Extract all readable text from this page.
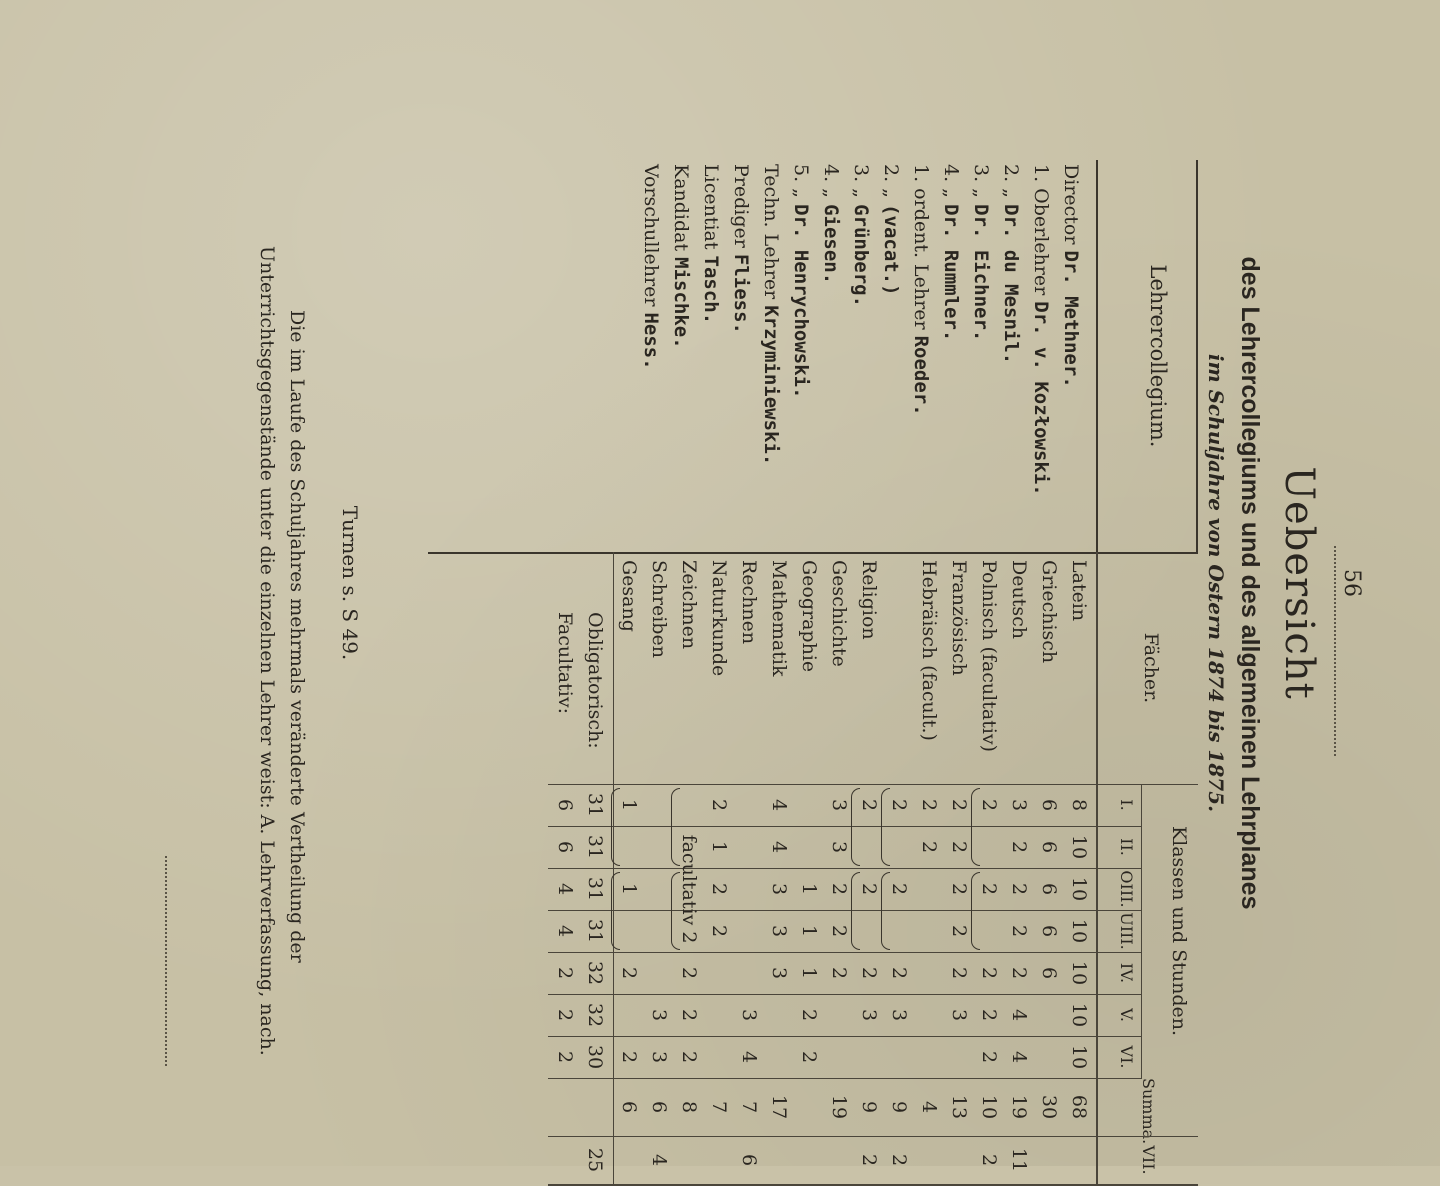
56
Uebersicht
des Lehrercollegiums und des allgemeinen Lehrplanes
im Schuljahre von Ostern 1874 bis 1875.
Lehrercollegium.
Director Dr. Methner.
1. Oberlehrer Dr. v. Kozłowski.
2. „ Dr. du Mesnil.
3. „ Dr. Eichner.
4. „ Dr. Rummler.
1. ordent. Lehrer Roeder.
2. „ (vacat.)
3. „ Grünberg.
4. „ Giesen.
5. „ Dr. Henrychowski.
Techn. Lehrer Krzyminiewski.
Prediger Fliess.
Licentiat Tasch.
Kandidat Mischke.
Vorschullehrer Hess.
Fächer.
Klassen und Stunden.
I.
II.
OIII.
UIII.
IV.
V.
VI.
Summa.
VII.
Latein
8
10
10
10
10
10
10
68
Griechisch
6
6
6
6
6
30
Deutsch
3
2
2
2
2
4
4
19
11
Polnisch (facultativ)
2
2
2
2
2
10
2
Französisch
2
2
2
2
2
3
13
Hebräisch (facult.)
2
2
4
2
2
2
3
9
2
Religion
2
2
2
3
9
2
Geschichte
3
3
2
2
2
19
Geographie
1
1
1
2
2
Mathematik
4
4
3
3
3
17
Rechnen
3
4
7
6
Naturkunde
2
1
2
2
7
Zeichnen
facultativ 2
2
2
2
8
Schreiben
3
3
6
4
Gesang
1
1
2
2
6
Obligatorisch:
31
31
31
31
32
32
30
25
Facultativ:
6
6
4
4
2
2
2
Turnen s. S 49.
Die im Laufe des Schuljahres mehrmals veränderte Vertheilung der Unterrichtsgegenstände unter die einzelnen Lehrer weist: A. Lehrverfassung, nach.
